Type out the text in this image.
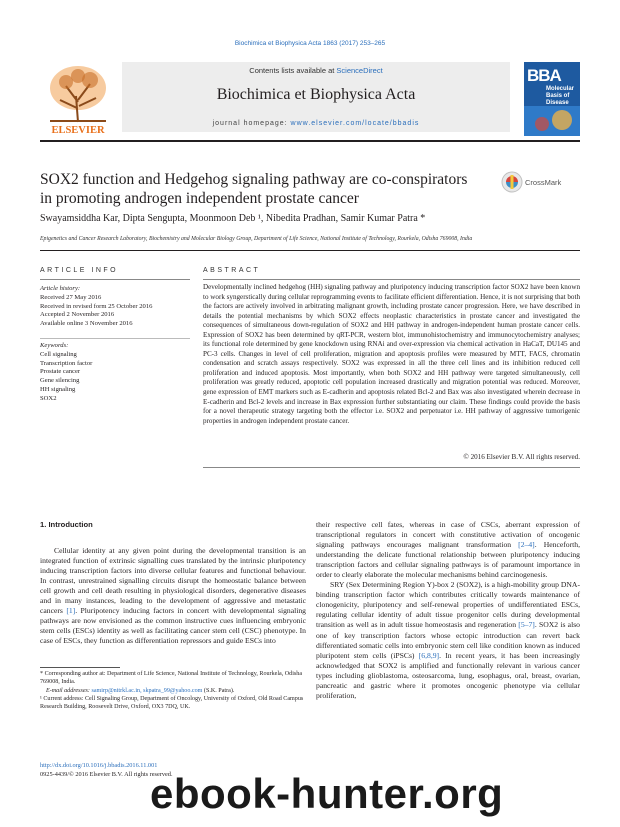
Biochimica et Biophysica Acta 1863 (2017) 253–265
ELSEVIER
Contents lists available at ScienceDirect
Biochimica et Biophysica Acta
journal homepage: www.elsevier.com/locate/bbadis
BBA
Molecular Basis of Disease
SOX2 function and Hedgehog signaling pathway are co-conspirators in promoting androgen independent prostate cancer
CrossMark
Swayamsiddha Kar, Dipta Sengupta, Moonmoon Deb ¹, Nibedita Pradhan, Samir Kumar Patra *
Epigenetics and Cancer Research Laboratory, Biochemistry and Molecular Biology Group, Department of Life Science, National Institute of Technology, Rourkela, Odisha 769008, India
ARTICLE INFO	ABSTRACT
Article history:
Received 27 May 2016
Received in revised form 25 October 2016
Accepted 2 November 2016
Available online 3 November 2016
Keywords:
Cell signaling
Transcription factor
Prostate cancer
Gene silencing
HH signaling
SOX2
Developmentally inclined hedgehog (HH) signaling pathway and pluripotency inducing transcription factor SOX2 have been known to work syngerstically during cellular reprogramming events to facilitate efficient differentiation. Hence, it is not surprising that both the factors are actively involved in arbitrating malignant growth, including prostate cancer progression. Here, we have described in details the potential mechanisms by which SOX2 effects neoplastic characteristics in prostate cancer and investigated the consequences of simultaneous down-regulation of SOX2 and HH pathway in androgen-independent human prostate cancer cells. Expression of SOX2 has been determined by qRT-PCR, western blot, immunohistochemistry and immunocytochemistry analyses; its functional role determined by gene knockdown using RNAi and over-expression via chemical activation in HaCaT, DU145 and PC-3 cells. Changes in level of cell proliferation, migration and apoptosis profiles were measured by MTT, FACS, chromatin condensation and scratch assays respectively. SOX2 was expressed in all the three cell lines and its inhibition reduced cell proliferation and induced apoptosis. Most importantly, when both SOX2 and HH pathway were targeted simultaneously, cell proliferation was greatly reduced, apoptotic cell population increased drastically and migration potential was reduced. Moreover, gene expression of EMT markers such as E-cadherin and apoptosis related Bcl-2 and Bax was also investigated wherein decrease in E-cadherin and Bcl-2 levels and increase in Bax expression further substantiating our claim. These findings could provide the basis for a novel therapeutic strategy targeting both the effector i.e. SOX2 and perpetuator i.e. HH pathway of aggressive tumorigenic properties in androgen independent prostate cancer.
© 2016 Elsevier B.V. All rights reserved.
1. Introduction

Cellular identity at any given point during the developmental transition is an integrated function of extrinsic signalling cues translated by the intrinsic pluripotency inducing transcription factors into diverse cellular features and functional behaviour. In contrast, unrestrained signalling circuits disrupt the homeostatic balance between cell growth and cell death resulting in physiological disorders, degenerative diseases and in many instances, leading to the development of aggressive and metastatic cancers [1]. Pluripotency inducing factors in concert with developmental signaling pathways are now envisioned as the common instructive cues influencing embryonic stem cells (ESCs) identity as well as facilitating cancer stem cell (CSC) phenotype. In case of ESCs, they function as differentiation repressors and guide ESCs into

their respective cell fates, whereas in case of CSCs, aberrant expression of transcriptional regulators in concert with constitutive activation of oncogenic signaling pathways encourages malignant transformation [2–4]. Henceforth, understanding the delicate functional relationship between pluripotency inducing transcription factors and cellular signaling pathways is of paramount importance in order to clearly elaborate the molecular mechanisms behind carcinogenesis.

SRY (Sex Determining Region Y)-box 2 (SOX2), is a high-mobility group DNA-binding transcription factor which contributes critically towards maintenance of clonogenicity, pluripotency and self-renewal properties of undifferentiated ESCs, regulating cellular identity of adult tissue progenitor cells during developmental transition as well as in adult tissue homeostasis and regeneration [5–7]. SOX2 is also one of key transcription factors whose ectopic introduction can revert back differentiated somatic cells into embryonic stem cell like condition known as induced pluripotent stem cells (iPSCs) [6,8,9]. In recent years, it has been increasingly acknowledged that SOX2 is amplified and functionally relevant in various cancer types including glioblastoma, osteosarcoma, lung, esophagus, oral, breast, ovarian, pancreatic and gastric where it promotes oncogenic phenotype via cellular proliferation,

* Corresponding author at: Department of Life Science, National Institute of Technology, Rourkela, Odisha 769008, India.
E-mail addresses: samirp@nitrkl.ac.in, skpatra_99@yahoo.com (S.K. Patra).
¹ Current address: Cell Signaling Group, Department of Oncology, University of Oxford, Old Road Campus Research Building, Roosevelt Drive, Oxford, OX3 7DQ, UK.
http://dx.doi.org/10.1016/j.bbadis.2016.11.001
0925-4439/© 2016 Elsevier B.V. All rights reserved.
ebook-hunter.org
